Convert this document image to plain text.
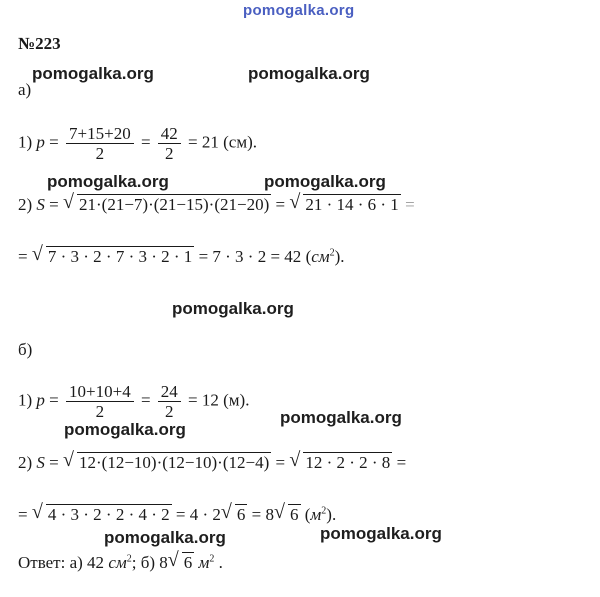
pomogalka.org
№223
pomogalka.org	pomogalka.org
pomogalka.org	pomogalka.org
pomogalka.org
pomogalka.org
pomogalka.org
pomogalka.org	pomogalka.org
а)
1) $p = \frac{7+15+20}{2} = \frac{42}{2} = 21$ (см).
2) S = √ 21·(21−7)·(21−15)·(21−20) = √ 21 · 14 · 6 · 1 =
= √ 7 · 3 · 2 · 7 · 3 · 2 · 1 = 7 · 3 · 2 = 42 $(см^2)$.
б)
1) $p = \frac{10+10+4}{2} = \frac{24}{2} = 12$ (м).
2) S = √ 12·(12−10)·(12−10)·(12−4) = √ 12 · 2 · 2 · 8 =
= √ 4 · 3 · 2 · 2 · 4 · 2 = 4 · 2 √ 6 = 8 √ 6 $(м^2)$.
Ответ: а) 42 $см^2$; б) 8 √ 6 $м^2$ .
